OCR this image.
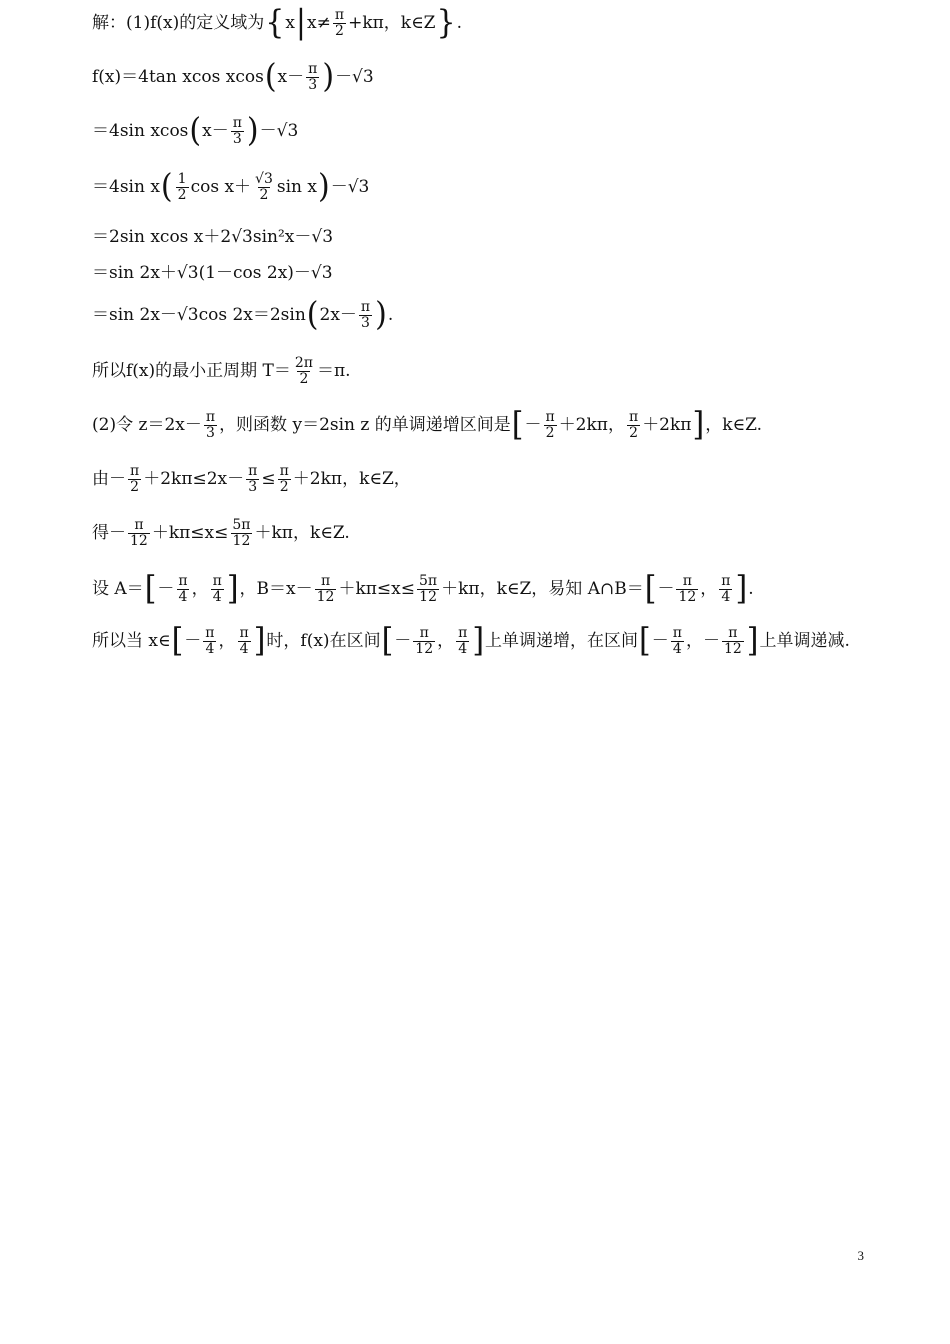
解：(1)f(x)的定义域为 { x | $x\ne \frac{\pi}{2} +k\pi$，k∈Z } .
f(x)＝4tan xcos xcos ( $x- \frac{\pi}{3}$ ) －√3
＝4sin xcos ( $x- \frac{\pi}{3}$ ) －√3
＝4sin x ( $\frac{1}{2}$ $\cos x+ \frac{√3}{2}$ sin x ) －√3
＝2sin xcos x＋2√3sin²x－√3
＝sin 2x＋√3(1－cos 2x)－√3
＝sin 2x－√3cos 2x＝2sin ( $2x- \frac{\pi}{3}$ ) .
所以f(x)的最小正周期 $T= \frac{2\pi}{2} =\pi$.
(2)令 $z=2x- \frac{\pi}{3}$ ，则函数 y＝2sin z 的单调递增区间是 [ － $\frac{\pi}{2} +2k\pi$， $\frac{\pi}{2} +2k\pi$ ] ，k∈Z.
由－ $\frac{\pi}{2} +2k\pi\le 2x- \frac{\pi}{3} \le \frac{\pi}{2} +2k\pi$，k∈Z，
得－ $\frac{\pi}{12} +k\pi\le x\le \frac{5\pi}{12} +k\pi$，k∈Z.
设 A＝ [ － $\frac{\pi}{4}$ ， $\frac{\pi}{4}$ ] ，$B=x- \frac{\pi}{12} +k\pi\le x\le \frac{5\pi}{12} +k\pi$，k∈Z，易知 A∩B＝ [ － $\frac{\pi}{12}$ ， $\frac{\pi}{4}$ ] .
所以当 x∈ [ － $\frac{\pi}{4}$ ， $\frac{\pi}{4}$ ] 时，f(x)在区间 [ － $\frac{\pi}{12}$ ， $\frac{\pi}{4}$ ] 上单调递增，在区间 [ － $\frac{\pi}{4}$ ，－ $\frac{\pi}{12}$ ] 上单调递减.
3
